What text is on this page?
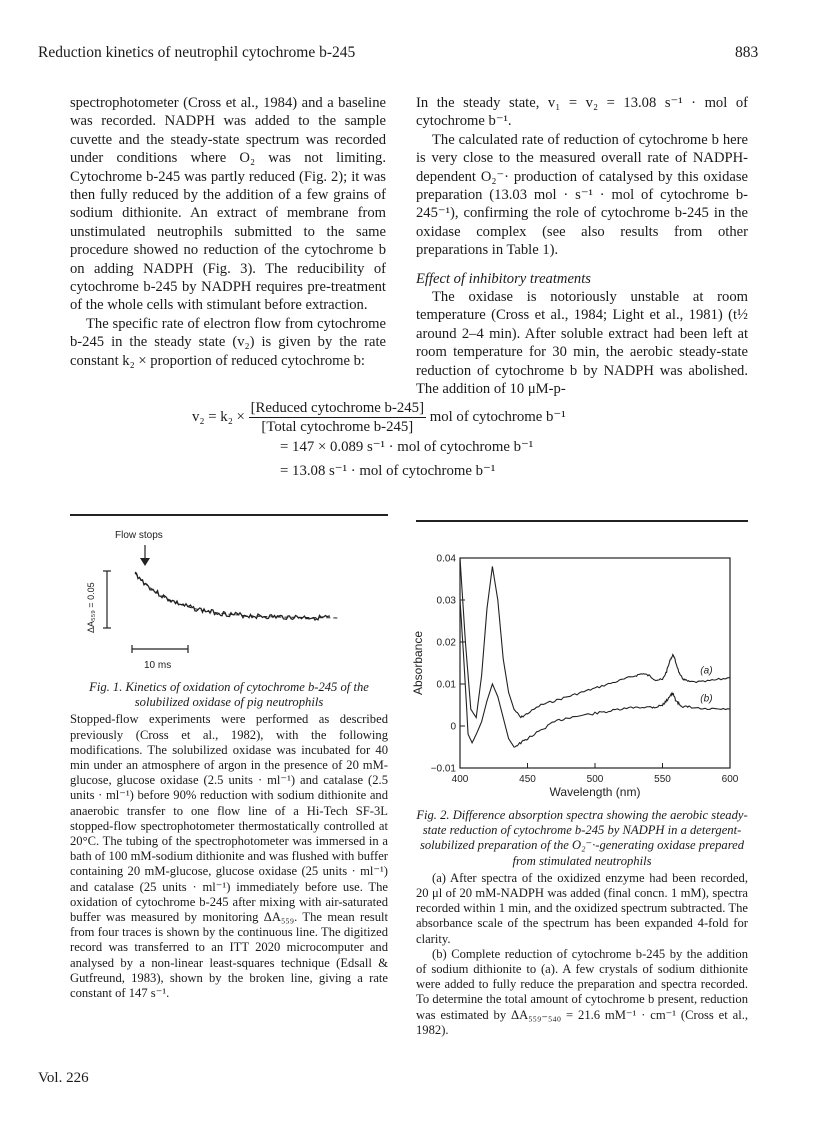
Reduction kinetics of neutrophil cytochrome b-245	883

spectrophotometer (Cross et al., 1984) and a baseline was recorded. NADPH was added to the sample cuvette and the steady-state spectrum was recorded under conditions where O₂ was not limiting. Cytochrome b-245 was partly reduced (Fig. 2); it was then fully reduced by the addition of a few grains of sodium dithionite. An extract of membrane from unstimulated neutrophils submitted to the same procedure showed no reduction of the cytochrome b on adding NADPH (Fig. 3). The reducibility of cytochrome b-245 by NADPH requires pre-treatment of the whole cells with stimulant before extraction.

The specific rate of electron flow from cytochrome b-245 in the steady state (v₂) is given by the rate constant k₂ × proportion of reduced cytochrome b:

In the steady state, v₁ = v₂ = 13.08 s⁻¹ · mol of cytochrome b⁻¹.

The calculated rate of reduction of cytochrome b here is very close to the measured overall rate of NADPH-dependent O₂⁻· production of catalysed by this oxidase preparation (13.03 mol · s⁻¹ · mol of cytochrome b-245⁻¹), confirming the role of cytochrome b-245 in the oxidase complex (see also results from other preparations in Table 1).

Effect of inhibitory treatments

The oxidase is notoriously unstable at room temperature (Cross et al., 1984; Light et al., 1981) (t½ around 2–4 min). After soluble extract had been left at room temperature for 30 min, the aerobic steady-state reduction of cytochrome b by NADPH was abolished. The addition of 10 μM-p-

$v_2 = k_2 \times \frac{\text{[Reduced cytochrome b-245]}}{\text{[Total cytochrome b-245]}}$ mol of cytochrome b⁻¹
= 147 × 0.089 s⁻¹ · mol of cytochrome b⁻¹
= 13.08 s⁻¹ · mol of cytochrome b⁻¹
Flow stops
ΔA₅₅₉ = 0.05
10 ms

Fig. 1. Kinetics of oxidation of cytochrome b-245 of the solubilized oxidase of pig neutrophils

Stopped-flow experiments were performed as described previously (Cross et al., 1982), with the following modifications. The solubilized oxidase was incubated for 40 min under an atmosphere of argon in the presence of 20 mM-glucose, glucose oxidase (2.5 units · ml⁻¹) and catalase (2.5 units · ml⁻¹) before 90% reduction with sodium dithionite and anaerobic transfer to one flow line of a Hi-Tech SF-3L stopped-flow spectrophotometer thermostatically controlled at 20°C. The tubing of the spectrophotometer was immersed in a bath of 100 mM-sodium dithionite and was flushed with buffer containing 20 mM-glucose, glucose oxidase (25 units · ml⁻¹) and catalase (25 units · ml⁻¹) immediately before use. The oxidation of cytochrome b-245 after mixing with air-saturated buffer was measured by monitoring ΔA₅₅₉. The mean result from four traces is shown by the continuous line. The digitized record was transferred to an ITT 2020 microcomputer and analysed by a non-linear least-squares technique (Edsall & Gutfreund, 1983), shown by the broken line, giving a rate constant of 147 s⁻¹.

−0.01
0
0.01
0.02
0.03
0.04
400	450	500	550	600
Absorbance
Wavelength (nm)
(a)
(b)

Fig. 2. Difference absorption spectra showing the aerobic steady-state reduction of cytochrome b-245 by NADPH in a detergent-solubilized preparation of the O₂⁻·-generating oxidase prepared from stimulated neutrophils

(a) After spectra of the oxidized enzyme had been recorded, 20 μl of 20 mM-NADPH was added (final concn. 1 mM), spectra recorded within 1 min, and the oxidized spectrum subtracted. The absorbance scale of the spectrum has been expanded 4-fold for clarity.

(b) Complete reduction of cytochrome b-245 by the addition of sodium dithionite to (a). A few crystals of sodium dithionite were added to fully reduce the preparation and spectra recorded. To determine the total amount of cytochrome b present, reduction was estimated by ΔA₅₅₉₋₅₄₀ = 21.6 mM⁻¹ · cm⁻¹ (Cross et al., 1982).

Vol. 226
